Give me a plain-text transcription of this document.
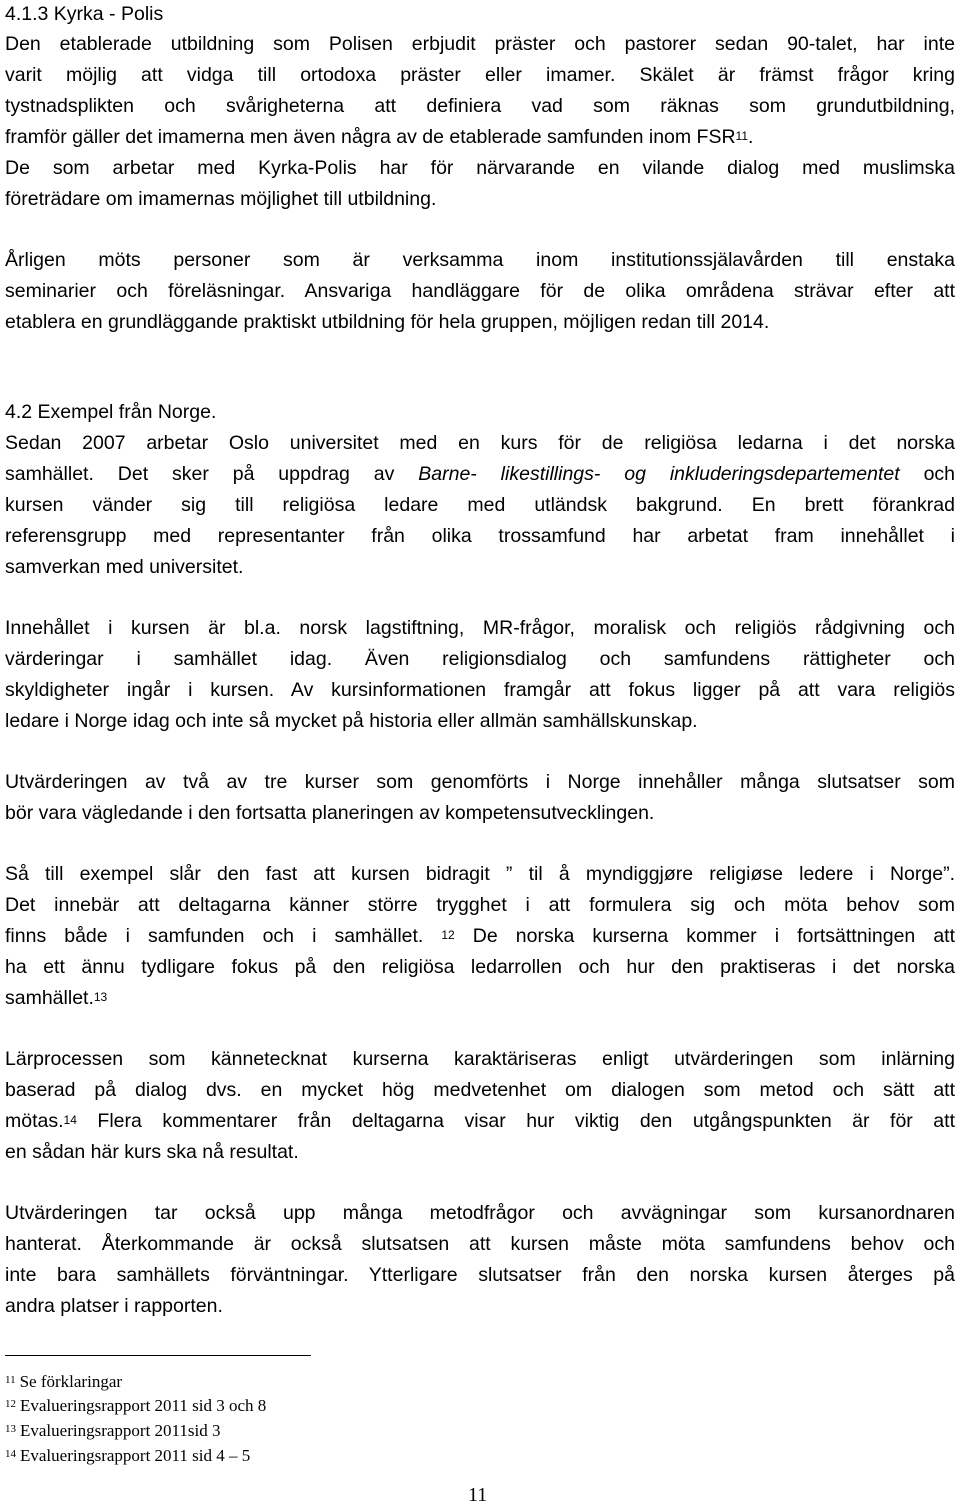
4.1.3 Kyrka - Polis
Den etablerade utbildning som Polisen erbjudit präster och pastorer sedan 90-talet, har inte
varit möjlig att vidga till ortodoxa präster eller imamer. Skälet är främst frågor kring
tystnadsplikten och svårigheterna att definiera vad som räknas som grundutbildning,
framför gäller det imamerna men även några av de etablerade samfunden inom FSR$^{11}$.
De som arbetar med Kyrka-Polis har för närvarande en vilande dialog med muslimska
företrädare om imamernas möjlighet till utbildning.
Årligen möts personer som är verksamma inom institutionssjälavården till enstaka
seminarier och föreläsningar. Ansvariga handläggare för de olika områdena strävar efter att
etablera en grundläggande praktiskt utbildning för hela gruppen, möjligen redan till 2014.
4.2 Exempel från Norge.
Sedan 2007 arbetar Oslo universitet med en kurs för de religiösa ledarna i det norska
samhället. Det sker på uppdrag av Barne- likestillings- og inkluderingsdepartementet och
kursen vänder sig till religiösa ledare med utländsk bakgrund. En brett förankrad
referensgrupp med representanter från olika trossamfund har arbetat fram innehållet i
samverkan med universitet.
Innehållet i kursen är bl.a. norsk lagstiftning, MR-frågor, moralisk och religiös rådgivning och
värderingar i samhället idag. Även religionsdialog och samfundens rättigheter och
skyldigheter ingår i kursen. Av kursinformationen framgår att fokus ligger på att vara religiös
ledare i Norge idag och inte så mycket på historia eller allmän samhällskunskap.
Utvärderingen av två av tre kurser som genomförts i Norge innehåller många slutsatser som
bör vara vägledande i den fortsatta planeringen av kompetensutvecklingen.
Så till exempel slår den fast att kursen bidragit ” til å myndiggjøre religiøse ledere i Norge”.
Det innebär att deltagarna känner större trygghet i att formulera sig och möta behov som
finns både i samfunden och i samhället. $^{12}$ De norska kurserna kommer i fortsättningen att
ha ett ännu tydligare fokus på den religiösa ledarrollen och hur den praktiseras i det norska
samhället.$^{13}$
Lärprocessen som kännetecknat kurserna karaktäriseras enligt utvärderingen som inlärning
baserad på dialog dvs. en mycket hög medvetenhet om dialogen som metod och sätt att
mötas.$^{14}$ Flera kommentarer från deltagarna visar hur viktig den utgångspunkten är för att
en sådan här kurs ska nå resultat.
Utvärderingen tar också upp många metodfrågor och avvägningar som kursanordnaren
hanterat. Återkommande är också slutsatsen att kursen måste möta samfundens behov och
inte bara samhällets förväntningar. Ytterligare slutsatser från den norska kursen återges på
andra platser i rapporten.
$^{11}$ Se förklaringar
$^{12}$ Evalueringsrapport 2011 sid 3 och 8
$^{13}$ Evalueringsrapport 2011sid 3
$^{14}$ Evalueringsrapport 2011 sid 4 – 5
11
